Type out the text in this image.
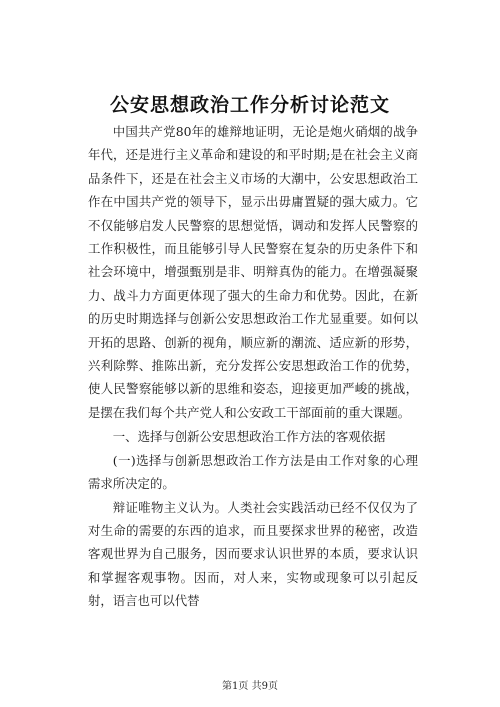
公安思想政治工作分析讨论范文

中国共产党80年的雄辩地证明，无论是炮火硝烟的战争年代，还是进行主义革命和建设的和平时期;是在社会主义商品条件下，还是在社会主义市场的大潮中，公安思想政治工作在中国共产党的领导下，显示出毋庸置疑的强大威力。它不仅能够启发人民警察的思想觉悟，调动和发挥人民警察的工作积极性，而且能够引导人民警察在复杂的历史条件下和社会环境中，增强甄别是非、明辩真伪的能力。在增强凝聚力、战斗力方面更体现了强大的生命力和优势。因此，在新的历史时期选择与创新公安思想政治工作尤显重要。如何以开拓的思路、创新的视角，顺应新的潮流、适应新的形势，兴利除弊、推陈出新，充分发挥公安思想政治工作的优势，使人民警察能够以新的思维和姿态，迎接更加严峻的挑战，是摆在我们每个共产党人和公安政工干部面前的重大课题。

一、选择与创新公安思想政治工作方法的客观依据

(一)选择与创新思想政治工作方法是由工作对象的心理需求所决定的。

辩证唯物主义认为。人类社会实践活动已经不仅仅为了对生命的需要的东西的追求，而且要探求世界的秘密，改造客观世界为自己服务，因而要求认识世界的本质，要求认识和掌握客观事物。因而，对人来，实物或现象可以引起反射，语言也可以代替

第1页 共9页
